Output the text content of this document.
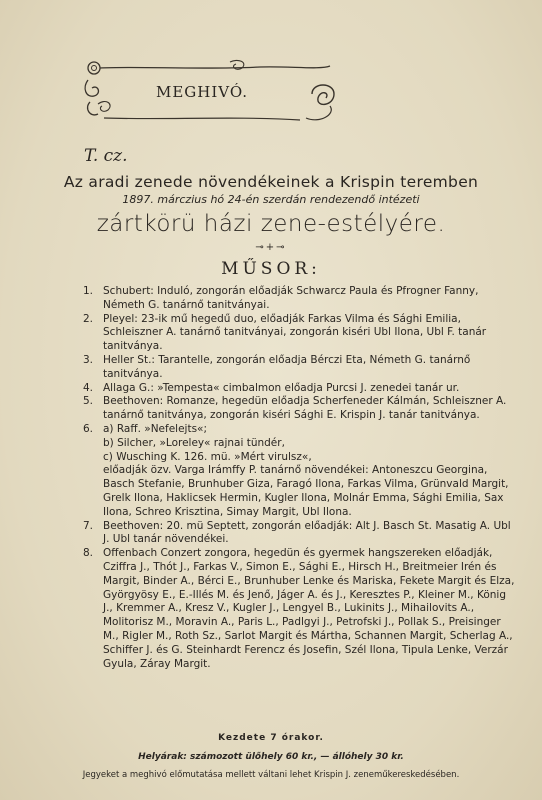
MEGHIVÓ.
T. cz.
Az aradi zenede növendékeinek a Krispin teremben
1897. márczius hó 24-én szerdán rendezendő intézeti
zártkörü házi zene-estélyére.
⊸+⊸
MŰSOR:
1. Schubert: Induló, zongorán előadják Schwarcz Paula és Pfrogner Fanny, Németh G. tanárnő tanitványai.
2. Pleyel: 23-ik mű hegedű duo, előadják Farkas Vilma és Sághi Emilia, Schleiszner A. tanárnő tanitványai, zongorán kiséri Ubl Ilona, Ubl F. tanár tanitványa.
3. Heller St.: Tarantelle, zongorán előadja Bérczi Eta, Németh G. tanárnő tanitványa.
4. Allaga G.: »Tempesta« cimbalmon előadja Purcsi J. zenedei tanár ur.
5. Beethoven: Romanze, hegedün előadja Scherfeneder Kálmán, Schleiszner A. tanárnő tanitványa, zongorán kiséri Sághi E. Krispin J. tanár tanitványa.
6. a) Raff. »Nefelejts«;
b) Silcher, »Loreley« rajnai tündér,
c) Wusching K. 126. mü. »Mért virulsz«,
előadják özv. Varga Irámffy P. tanárnő növendékei: Antoneszcu Georgina, Basch Stefanie, Brunhuber Giza, Faragó Ilona, Farkas Vilma, Grünvald Margit, Grelk Ilona, Haklicsek Hermin, Kugler Ilona, Molnár Emma, Sághi Emilia, Sax Ilona, Schreo Krisztina, Simay Margit, Ubl Ilona.
7. Beethoven: 20. mü Septett, zongorán előadják: Alt J. Basch St. Masatig A. Ubl J. Ubl tanár növendékei.
8. Offenbach Conzert zongora, hegedün és gyermek hangszereken előadják, Cziffra J., Thót J., Farkas V., Simon E., Sághi E., Hirsch H., Breitmeier Irén és Margit, Binder A., Bérci E., Brunhuber Lenke és Mariska, Fekete Margit és Elza, Györgyösy E., E.-Illés M. és Jenő, Jáger A. és J., Keresztes P., Kleiner M., König J., Kremmer A., Kresz V., Kugler J., Lengyel B., Lukinits J., Mihailovits A., Molitorisz M., Moravin A., Paris L., Padlgyi J., Petrofski J., Pollak S., Preisinger M., Rigler M., Roth Sz., Sarlot Margit és Mártha, Schannen Margit, Scherlag A., Schiffer J. és G. Steinhardt Ferencz és Josefin, Szél Ilona, Tipula Lenke, Verzár Gyula, Záray Margit.
Kezdete 7 órakor.
Helyárak: számozott ülőhely 60 kr., — állóhely 30 kr.
Jegyeket a meghivó előmutatása mellett váltani lehet Krispin J. zeneműkereskedésében.
